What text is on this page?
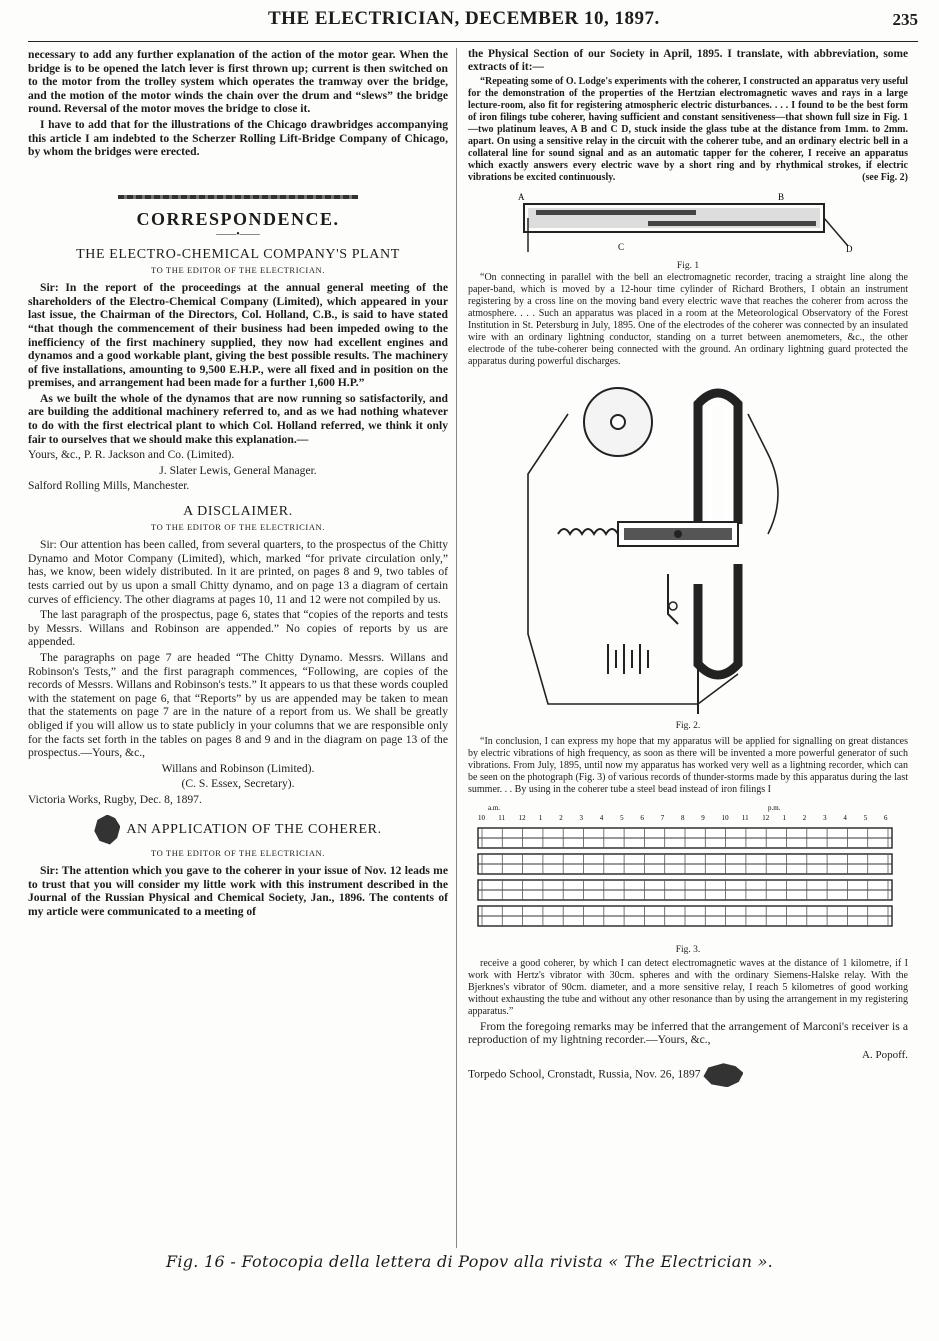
THE ELECTRICIAN, DECEMBER 10, 1897.	235

necessary to add any further explanation of the action of the motor gear. When the bridge is to be opened the latch lever is first thrown up; current is then switched on to the motor from the trolley system which operates the tramway over the bridge, and the motion of the motor winds the chain over the drum and “slews” the bridge round. Reversal of the motor moves the bridge to close it.

I have to add that for the illustrations of the Chicago drawbridges accompanying this article I am indebted to the Scherzer Rolling Lift-Bridge Company of Chicago, by whom the bridges were erected.

CORRESPONDENCE.
——•——
THE ELECTRO-CHEMICAL COMPANY'S PLANT
TO THE EDITOR OF THE ELECTRICIAN.

Sir: In the report of the proceedings at the annual general meeting of the shareholders of the Electro-Chemical Company (Limited), which appeared in your last issue, the Chairman of the Directors, Col. Holland, C.B., is said to have stated “that though the commencement of their business had been impeded owing to the inefficiency of the first machinery supplied, they now had excellent engines and dynamos and a good workable plant, giving the best possible results. The machinery of five installations, amounting to 9,500 E.H.P., were all fixed and in position on the premises, and arrangement had been made for a further 1,600 H.P.”

As we built the whole of the dynamos that are now running so satisfactorily, and are building the additional machinery referred to, and as we had nothing whatever to do with the first electrical plant to which Col. Holland referred, we think it only fair to ourselves that we should make this explanation.—

Yours, &c., P. R. Jackson and Co. (Limited).

J. Slater Lewis, General Manager.

Salford Rolling Mills, Manchester.

A DISCLAIMER.
TO THE EDITOR OF THE ELECTRICIAN.

Sir: Our attention has been called, from several quarters, to the prospectus of the Chitty Dynamo and Motor Company (Limited), which, marked “for private circulation only,” has, we know, been widely distributed. In it are printed, on pages 8 and 9, two tables of tests carried out by us upon a small Chitty dynamo, and on page 13 a diagram of certain curves of efficiency. The other diagrams at pages 10, 11 and 12 were not compiled by us.

The last paragraph of the prospectus, page 6, states that “copies of the reports and tests by Messrs. Willans and Robinson are appended.” No copies of reports by us are appended.

The paragraphs on page 7 are headed “The Chitty Dynamo. Messrs. Willans and Robinson's Tests,” and the first paragraph commences, “Following, are copies of the records of Messrs. Willans and Robinson's tests.” It appears to us that these words coupled with the statement on page 6, that “Reports” by us are appended may be taken to mean that the statements on page 7 are in the nature of a report from us. We shall be greatly obliged if you will allow us to state publicly in your columns that we are responsible only for the facts set forth in the tables on pages 8 and 9 and in the diagram on page 13 of the prospectus.—Yours, &c.,

Willans and Robinson (Limited).

(C. S. Essex, Secretary).

Victoria Works, Rugby, Dec. 8, 1897.

AN APPLICATION OF THE COHERER.
TO THE EDITOR OF THE ELECTRICIAN.

Sir: The attention which you gave to the coherer in your issue of Nov. 12 leads me to trust that you will consider my little work with this instrument described in the Journal of the Russian Physical and Chemical Society, Jan., 1896. The contents of my article were communicated to a meeting of

the Physical Section of our Society in April, 1895. I translate, with abbreviation, some extracts of it:—

“Repeating some of O. Lodge's experiments with the coherer, I constructed an apparatus very useful for the demonstration of the properties of the Hertzian electromagnetic waves and rays in a large lecture-room, also fit for registering atmospheric electric disturbances. . . . I found to be the best form of iron filings tube coherer, having sufficient and constant sensitiveness—that shown full size in Fig. 1—two platinum leaves, A B and C D, stuck inside the glass tube at the distance from 1mm. to 2mm. apart. On using a sensitive relay in the circuit with the coherer tube, and an ordinary electric bell in a collateral line for sound signal and as an automatic tapper for the coherer, I receive an apparatus which exactly answers every electric wave by a short ring and by rhythmical strokes, if electric vibrations be excited continuously.	(see Fig. 2)

A	B
C	D
Fig. 1

“On connecting in parallel with the bell an electromagnetic recorder, tracing a straight line along the paper-band, which is moved by a 12-hour time cylinder of Richard Brothers, I obtain an instrument registering by a cross line on the moving band every electric wave that reaches the coherer from across the atmosphere. . . . Such an apparatus was placed in a room at the Meteorological Observatory of the Forest Institution in St. Petersburg in July, 1895. One of the electrodes of the coherer was connected by an insulated wire with an ordinary lightning conductor, standing on a turret between anemometers, &c., the other electrode of the tube-coherer being connected with the ground. An ordinary lightning guard protected the apparatus during powerful discharges.

Fig. 2.

“In conclusion, I can express my hope that my apparatus will be applied for signalling on great distances by electric vibrations of high frequency, as soon as there will be invented a more powerful generator of such vibrations. From July, 1895, until now my apparatus has worked very well as a lightning recorder, which can be seen on the photograph (Fig. 3) of various records of thunder-storms made by this apparatus during the last summer. . . By using in the coherer tube a steel bead instead of iron filings I

a.m.	p.m.
10 11 12 1 2 3 4 5 6 7 8 9 10 11 12 1 2 3 4 5 6
Fig. 3.

receive a good coherer, by which I can detect electromagnetic waves at the distance of 1 kilometre, if I work with Hertz's vibrator with 30cm. spheres and with the ordinary Siemens-Halske relay. With the Bjerknes's vibrator of 90cm. diameter, and a more sensitive relay, I reach 5 kilometres of good working without exhausting the tube and without any other resonance than by using the arrangement in my registering apparatus.”

From the foregoing remarks may be inferred that the arrangement of Marconi's receiver is a reproduction of my lightning recorder.—Yours, &c.,

A. Popoff.

Torpedo School, Cronstadt, Russia, Nov. 26, 1897

Fig. 16 - Fotocopia della lettera di Popov alla rivista « The Electrician ».
